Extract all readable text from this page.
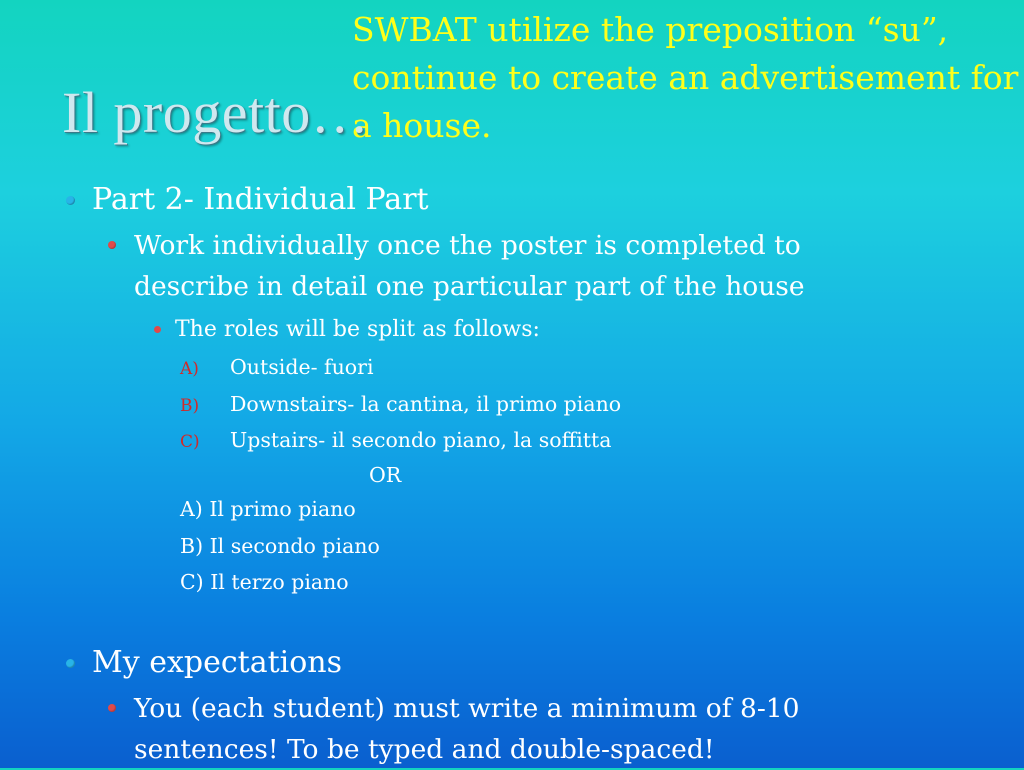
SWBAT utilize the preposition “su”,
continue to create an advertisement for
a house.
Il progetto…
Part 2- Individual Part
Work individually once the poster is completed to
describe in detail one particular part of the house
The roles will be split as follows:
A) Outside- fuori
B) Downstairs- la cantina, il primo piano
C) Upstairs- il secondo piano, la soffitta
OR
A) Il primo piano
B) Il secondo piano
C) Il terzo piano
My expectations
You (each student) must write a minimum of 8-10
sentences! To be typed and double-spaced!
